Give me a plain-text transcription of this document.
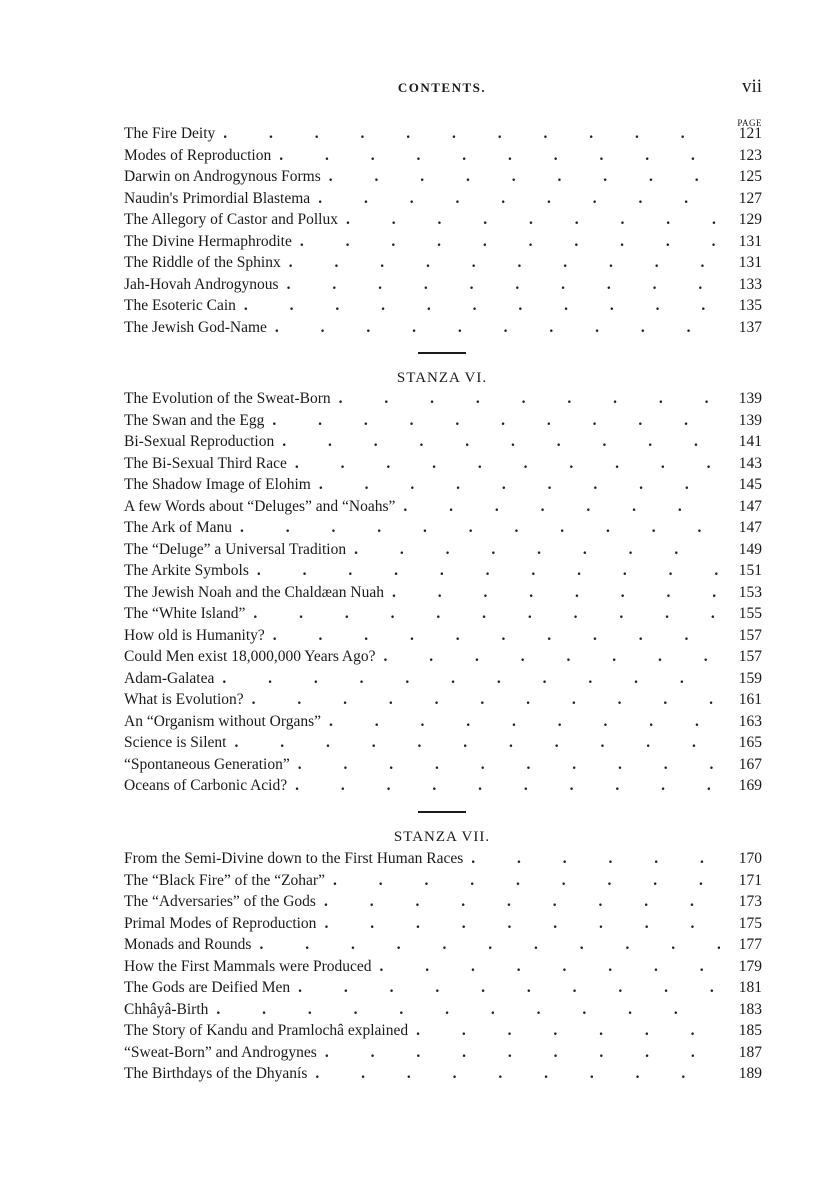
CONTENTS.	vii
PAGE
The Fire Deity . . .	121
Modes of Reproduction . . .	123
Darwin on Androgynous Forms . . .	125
Naudin's Primordial Blastema . . .	127
The Allegory of Castor and Pollux . . .	129
The Divine Hermaphrodite . . .	131
The Riddle of the Sphinx . . .	131
Jah-Hovah Androgynous . . .	133
The Esoteric Cain . . .	135
The Jewish God-Name . . .	137
STANZA VI.
The Evolution of the Sweat-Born . . .	139
The Swan and the Egg . . .	139
Bi-Sexual Reproduction . . .	141
The Bi-Sexual Third Race . . .	143
The Shadow Image of Elohim . . .	145
A few Words about “Deluges” and “Noahs” . . .	147
The Ark of Manu . . .	147
The “Deluge” a Universal Tradition . . .	149
The Arkite Symbols . . .	151
The Jewish Noah and the Chaldæan Nuah . . .	153
The “White Island” . . .	155
How old is Humanity? . . .	157
Could Men exist 18,000,000 Years Ago? . . .	157
Adam-Galatea . . .	159
What is Evolution? . . .	161
An “Organism without Organs” . . .	163
Science is Silent . . .	165
“Spontaneous Generation” . . .	167
Oceans of Carbonic Acid? . . .	169
STANZA VII.
From the Semi-Divine down to the First Human Races . . .	170
The “Black Fire” of the “Zohar” . . .	171
The “Adversaries” of the Gods . . .	173
Primal Modes of Reproduction . . .	175
Monads and Rounds . . .	177
How the First Mammals were Produced . . .	179
The Gods are Deified Men . . .	181
Chhâyâ-Birth . . .	183
The Story of Kandu and Pramlochâ explained . . .	185
“Sweat-Born” and Androgynes . . .	187
The Birthdays of the Dhyanís . . .	189
